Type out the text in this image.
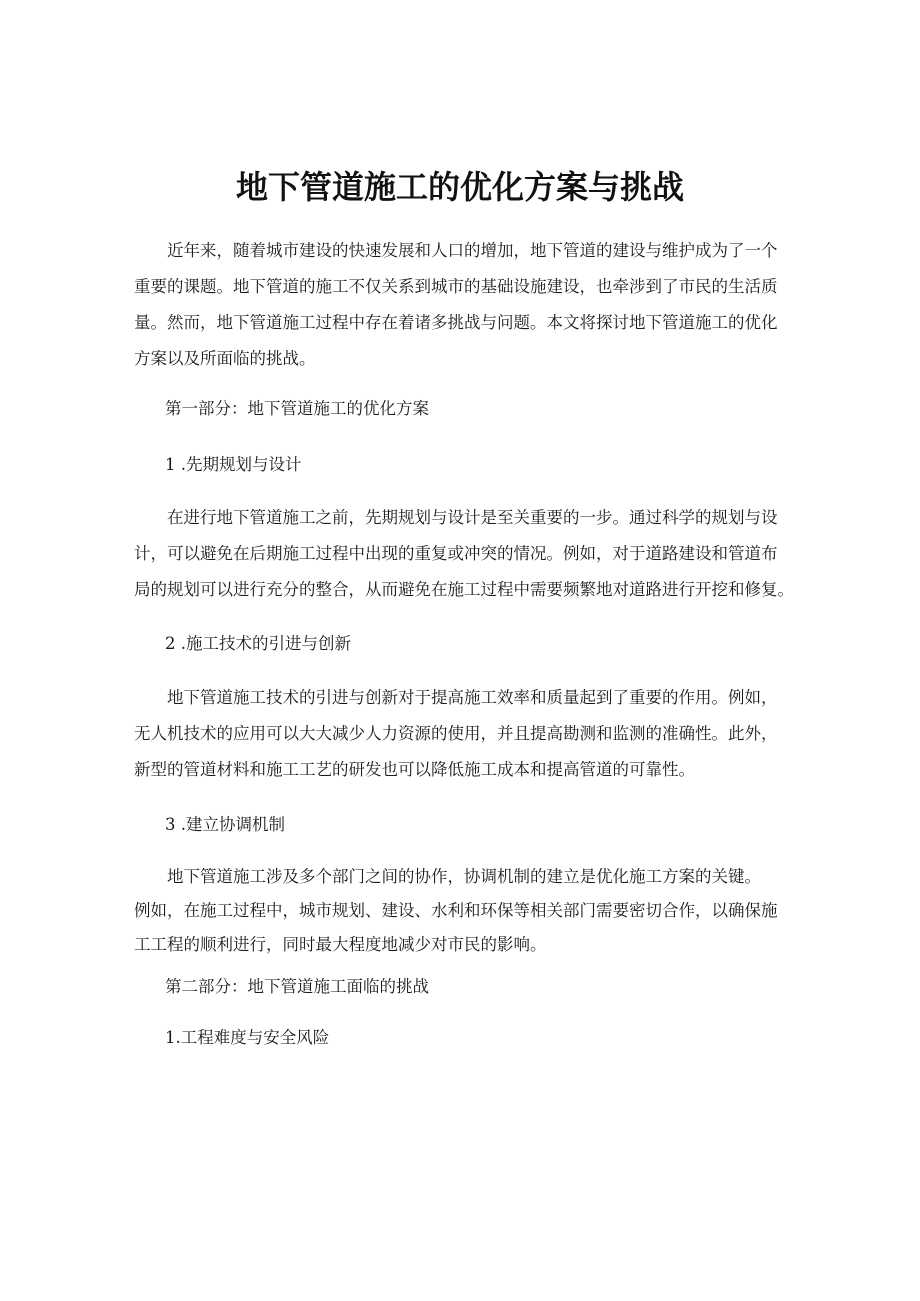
地下管道施工的优化方案与挑战
近年来，随着城市建设的快速发展和人口的增加，地下管道的建设与维护成为了一个
重要的课题。地下管道的施工不仅关系到城市的基础设施建设，也牵涉到了市民的生活质
量。然而，地下管道施工过程中存在着诸多挑战与问题。本文将探讨地下管道施工的优化
方案以及所面临的挑战。

第一部分：地下管道施工的优化方案

1 .先期规划与设计

在进行地下管道施工之前，先期规划与设计是至关重要的一步。通过科学的规划与设
计，可以避免在后期施工过程中出现的重复或冲突的情况。例如，对于道路建设和管道布
局的规划可以进行充分的整合，从而避免在施工过程中需要频繁地对道路进行开挖和修复。

2 .施工技术的引进与创新

地下管道施工技术的引进与创新对于提高施工效率和质量起到了重要的作用。例如，
无人机技术的应用可以大大减少人力资源的使用，并且提高勘测和监测的准确性。此外，
新型的管道材料和施工工艺的研发也可以降低施工成本和提高管道的可靠性。

3 .建立协调机制

地下管道施工涉及多个部门之间的协作，协调机制的建立是优化施工方案的关键。
例如，在施工过程中，城市规划、建设、水利和环保等相关部门需要密切合作，以确保施
工工程的顺利进行，同时最大程度地减少对市民的影响。

第二部分：地下管道施工面临的挑战

1.工程难度与安全风险
